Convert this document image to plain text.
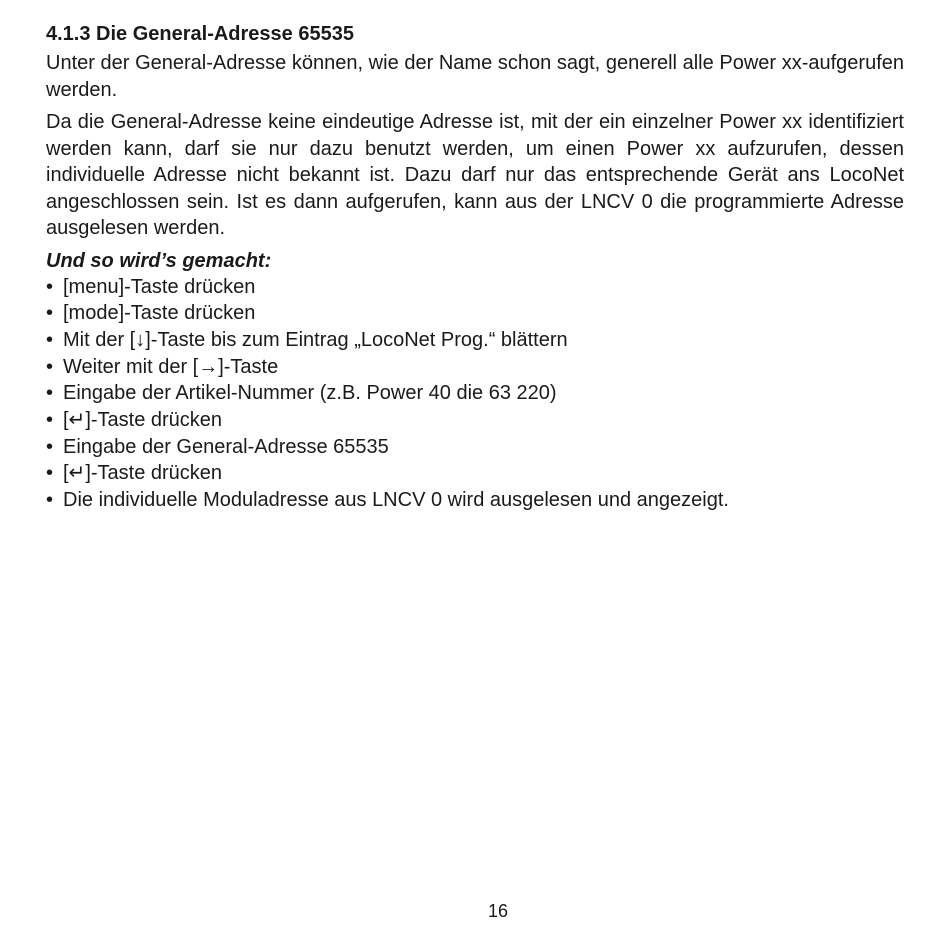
4.1.3 Die General-Adresse 65535

Unter der General-Adresse können, wie der Name schon sagt, generell alle Power xx-aufgerufen werden.

Da die General-Adresse keine eindeutige Adresse ist, mit der ein einzelner Power xx identifiziert werden kann, darf sie nur dazu benutzt werden, um einen Power xx aufzurufen, dessen individuelle Adresse nicht bekannt ist. Dazu darf nur das entsprechende Gerät ans LocoNet angeschlossen sein. Ist es dann aufgerufen, kann aus der LNCV 0 die programmierte Adresse ausgelesen werden.

Und so wird’s gemacht:
• [menu]-Taste drücken
• [mode]-Taste drücken
• Mit der [↓]-Taste bis zum Eintrag „LocoNet Prog.“ blättern
• Weiter mit der [→]-Taste
• Eingabe der Artikel-Nummer (z.B. Power 40 die 63 220)
• [↵]-Taste drücken
• Eingabe der General-Adresse 65535
• [↵]-Taste drücken
• Die individuelle Moduladresse aus LNCV 0 wird ausgelesen und angezeigt.
16
